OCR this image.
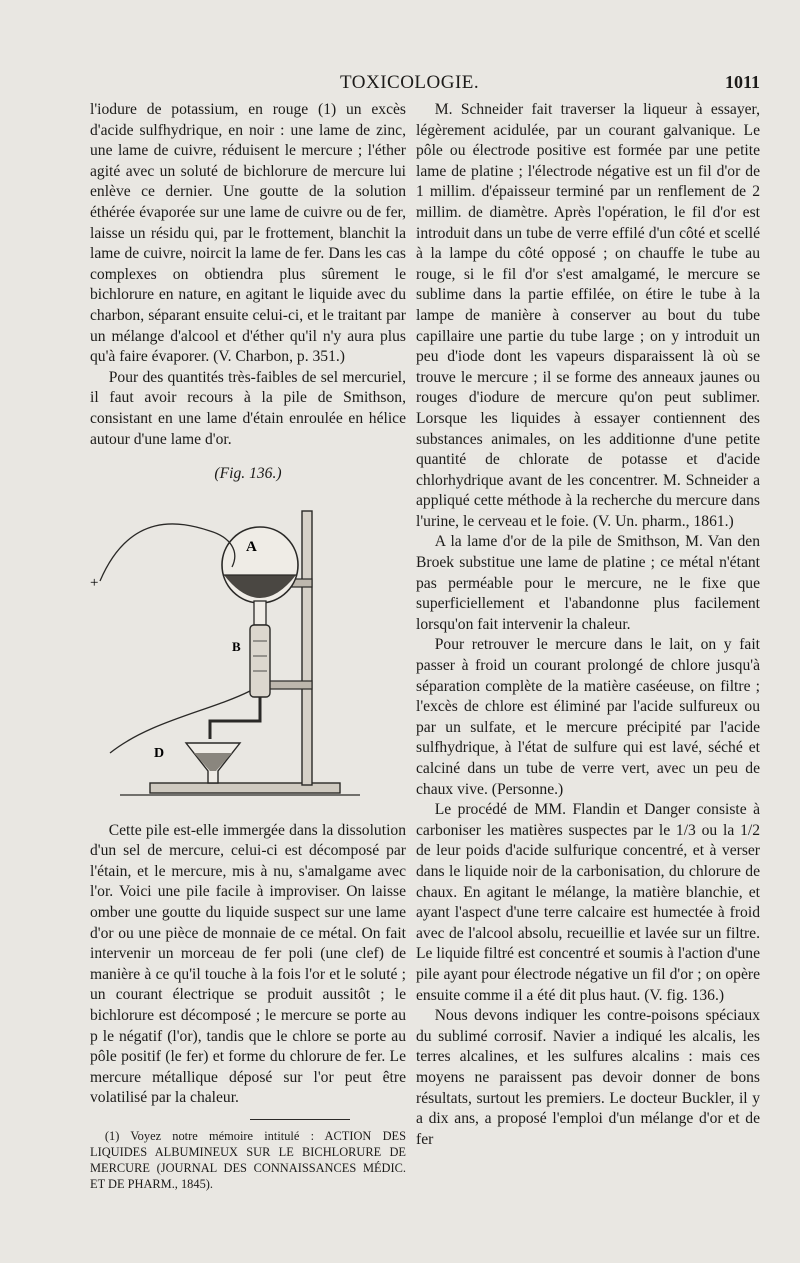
TOXICOLOGIE.	1011

l'iodure de potassium, en rouge (1) un excès d'acide sulfhydrique, en noir : une lame de zinc, une lame de cuivre, réduisent le mercure ; l'éther agité avec un soluté de bichlorure de mercure lui enlève ce dernier. Une goutte de la solution éthérée évaporée sur une lame de cuivre ou de fer, laisse un résidu qui, par le frottement, blanchit la lame de cuivre, noircit la lame de fer. Dans les cas complexes on obtiendra plus sûrement le bichlorure en nature, en agitant le liquide avec du charbon, séparant ensuite celui-ci, et le traitant par un mélange d'alcool et d'éther qu'il n'y aura plus qu'à faire évaporer. (V. Charbon, p. 351.)

Pour des quantités très-faibles de sel mercuriel, il faut avoir recours à la pile de Smithson, consistant en une lame d'étain enroulée en hélice autour d'une lame d'or.

(Fig. 136.)
A
B
+
D

Cette pile est-elle immergée dans la dissolution d'un sel de mercure, celui-ci est décomposé par l'étain, et le mercure, mis à nu, s'amalgame avec l'or. Voici une pile facile à improviser. On laisse omber une goutte du liquide suspect sur une lame d'or ou une pièce de monnaie de ce métal. On fait intervenir un morceau de fer poli (une clef) de manière à ce qu'il touche à la fois l'or et le soluté ; un courant électrique se produit aussitôt ; le bichlorure est décomposé ; le mercure se porte au p le négatif (l'or), tandis que le chlore se porte au pôle positif (le fer) et forme du chlorure de fer. Le mercure métallique déposé sur l'or peut être volatilisé par la chaleur.

(1) Voyez notre mémoire intitulé : ACTION DES LIQUIDES ALBUMINEUX SUR LE BICHLORURE DE MERCURE (JOURNAL DES CONNAISSANCES MÉDIC. ET DE PHARM., 1845).

M. Schneider fait traverser la liqueur à essayer, légèrement acidulée, par un courant galvanique. Le pôle ou électrode positive est formée par une petite lame de platine ; l'électrode négative est un fil d'or de 1 millim. d'épaisseur terminé par un renflement de 2 millim. de diamètre. Après l'opération, le fil d'or est introduit dans un tube de verre effilé d'un côté et scellé à la lampe du côté opposé ; on chauffe le tube au rouge, si le fil d'or s'est amalgamé, le mercure se sublime dans la partie effilée, on étire le tube à la lampe de manière à conserver au bout du tube capillaire une partie du tube large ; on y introduit un peu d'iode dont les vapeurs disparaissent là où se trouve le mercure ; il se forme des anneaux jaunes ou rouges d'iodure de mercure qu'on peut sublimer. Lorsque les liquides à essayer contiennent des substances animales, on les additionne d'une petite quantité de chlorate de potasse et d'acide chlorhydrique avant de les concentrer. M. Schneider a appliqué cette méthode à la recherche du mercure dans l'urine, le cerveau et le foie. (V. Un. pharm., 1861.)

A la lame d'or de la pile de Smithson, M. Van den Broek substitue une lame de platine ; ce métal n'étant pas perméable pour le mercure, ne le fixe que superficiellement et l'abandonne plus facilement lorsqu'on fait intervenir la chaleur.

Pour retrouver le mercure dans le lait, on y fait passer à froid un courant prolongé de chlore jusqu'à séparation complète de la matière caséeuse, on filtre ; l'excès de chlore est éliminé par l'acide sulfureux ou par un sulfate, et le mercure précipité par l'acide sulfhydrique, à l'état de sulfure qui est lavé, séché et calciné dans un tube de verre vert, avec un peu de chaux vive. (Personne.)

Le procédé de MM. Flandin et Danger consiste à carboniser les matières suspectes par le 1/3 ou la 1/2 de leur poids d'acide sulfurique concentré, et à verser dans le liquide noir de la carbonisation, du chlorure de chaux. En agitant le mélange, la matière blanchie, et ayant l'aspect d'une terre calcaire est humectée à froid avec de l'alcool absolu, recueillie et lavée sur un filtre. Le liquide filtré est concentré et soumis à l'action d'une pile ayant pour électrode négative un fil d'or ; on opère ensuite comme il a été dit plus haut. (V. fig. 136.)

Nous devons indiquer les contre-poisons spéciaux du sublimé corrosif. Navier a indiqué les alcalis, les terres alcalines, et les sulfures alcalins : mais ces moyens ne paraissent pas devoir donner de bons résultats, surtout les premiers. Le docteur Buckler, il y a dix ans, a proposé l'emploi d'un mélange d'or et de fer
